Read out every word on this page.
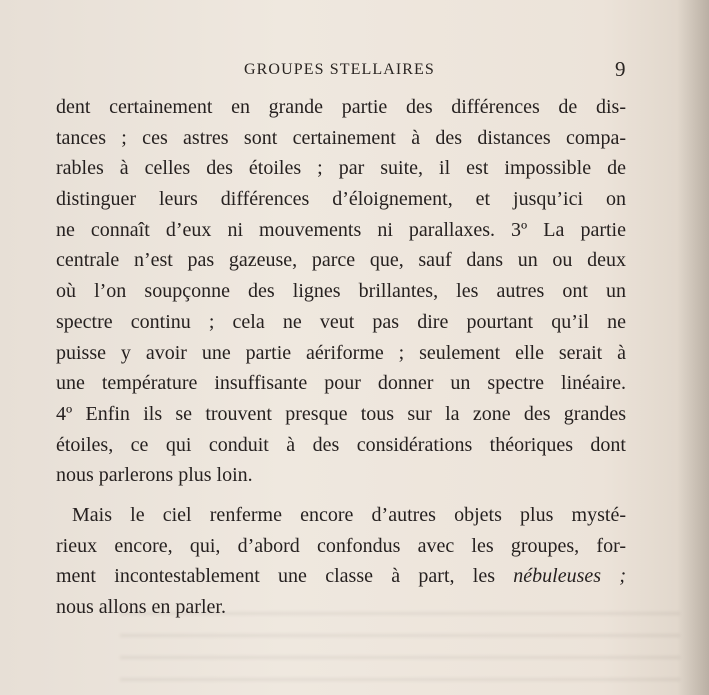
GROUPES STELLAIRES	9
dent certainement en grande partie des différences de dis-
tances ; ces astres sont certainement à des distances compa-
rables à celles des étoiles ; par suite, il est impossible de
distinguer leurs différences d’éloignement, et jusqu’ici on
ne connaît d’eux ni mouvements ni parallaxes. 3º La partie
centrale n’est pas gazeuse, parce que, sauf dans un ou deux
où l’on soupçonne des lignes brillantes, les autres ont un
spectre continu ; cela ne veut pas dire pourtant qu’il ne
puisse y avoir une partie aériforme ; seulement elle serait à
une température insuffisante pour donner un spectre linéaire.
4º Enfin ils se trouvent presque tous sur la zone des grandes
étoiles, ce qui conduit à des considérations théoriques dont
nous parlerons plus loin.
Mais le ciel renferme encore d’autres objets plus mysté-
rieux encore, qui, d’abord confondus avec les groupes, for-
ment incontestablement une classe à part, les nébuleuses ;
nous allons en parler.
